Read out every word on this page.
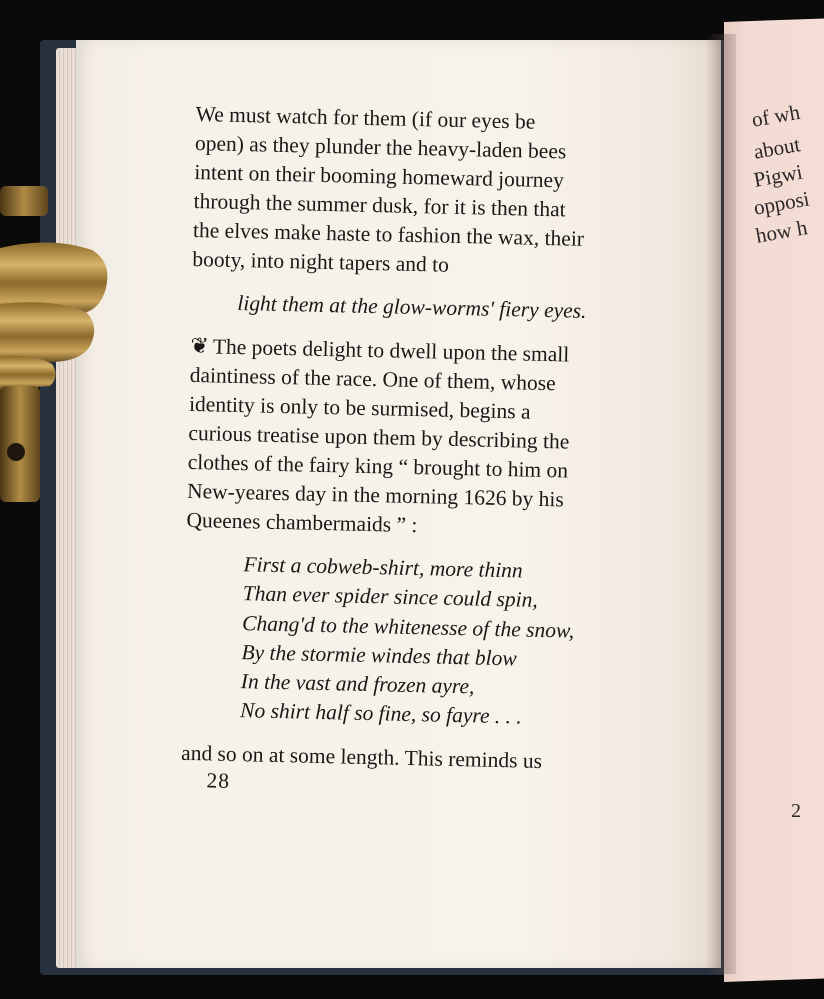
of wh
about
Pigwi
opposi
how h
2
We must watch for them (if our eyes be
open) as they plunder the heavy-laden bees
intent on their booming homeward journey
through the summer dusk, for it is then that
the elves make haste to fashion the wax, their
booty, into night tapers and to
light them at the glow-worms' fiery eyes.
❦ The poets delight to dwell upon the small
daintiness of the race. One of them, whose
identity is only to be surmised, begins a
curious treatise upon them by describing the
clothes of the fairy king “ brought to him on
New-yeares day in the morning 1626 by his
Queenes chambermaids ” :
First a cobweb-shirt, more thinn
Than ever spider since could spin,
Chang'd to the whitenesse of the snow,
By the stormie windes that blow
In the vast and frozen ayre,
No shirt half so fine, so fayre . . .
and so on at some length. This reminds us
28
